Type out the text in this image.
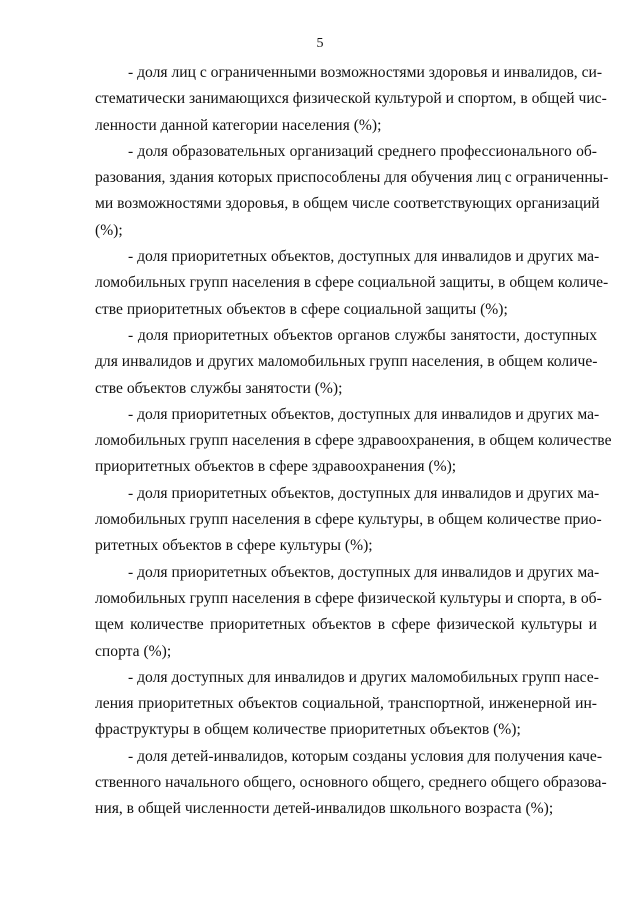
5
- доля лиц с ограниченными возможностями здоровья и инвалидов, си-
стематически занимающихся физической культурой и спортом, в общей чис-
ленности данной категории населения (%);
- доля образовательных организаций среднего профессионального об-
разования, здания которых приспособлены для обучения лиц с ограниченны-
ми возможностями здоровья, в общем числе соответствующих организаций
(%);
- доля приоритетных объектов, доступных для инвалидов и других ма-
ломобильных групп населения в сфере социальной защиты, в общем количе-
стве приоритетных объектов в сфере социальной защиты (%);
- доля приоритетных объектов органов службы занятости, доступных
для инвалидов и других маломобильных групп населения, в общем количе-
стве объектов службы занятости (%);
- доля приоритетных объектов, доступных для инвалидов и других ма-
ломобильных групп населения в сфере здравоохранения, в общем количестве
приоритетных объектов в сфере здравоохранения (%);
- доля приоритетных объектов, доступных для инвалидов и других ма-
ломобильных групп населения в сфере культуры, в общем количестве прио-
ритетных объектов в сфере культуры (%);
- доля приоритетных объектов, доступных для инвалидов и других ма-
ломобильных групп населения в сфере физической культуры и спорта, в об-
щем количестве приоритетных объектов в сфере физической культуры и
спорта (%);
- доля доступных для инвалидов и других маломобильных групп насе-
ления приоритетных объектов социальной, транспортной, инженерной ин-
фраструктуры в общем количестве приоритетных объектов (%);
- доля детей-инвалидов, которым созданы условия для получения каче-
ственного начального общего, основного общего, среднего общего образова-
ния, в общей численности детей-инвалидов школьного возраста (%);
